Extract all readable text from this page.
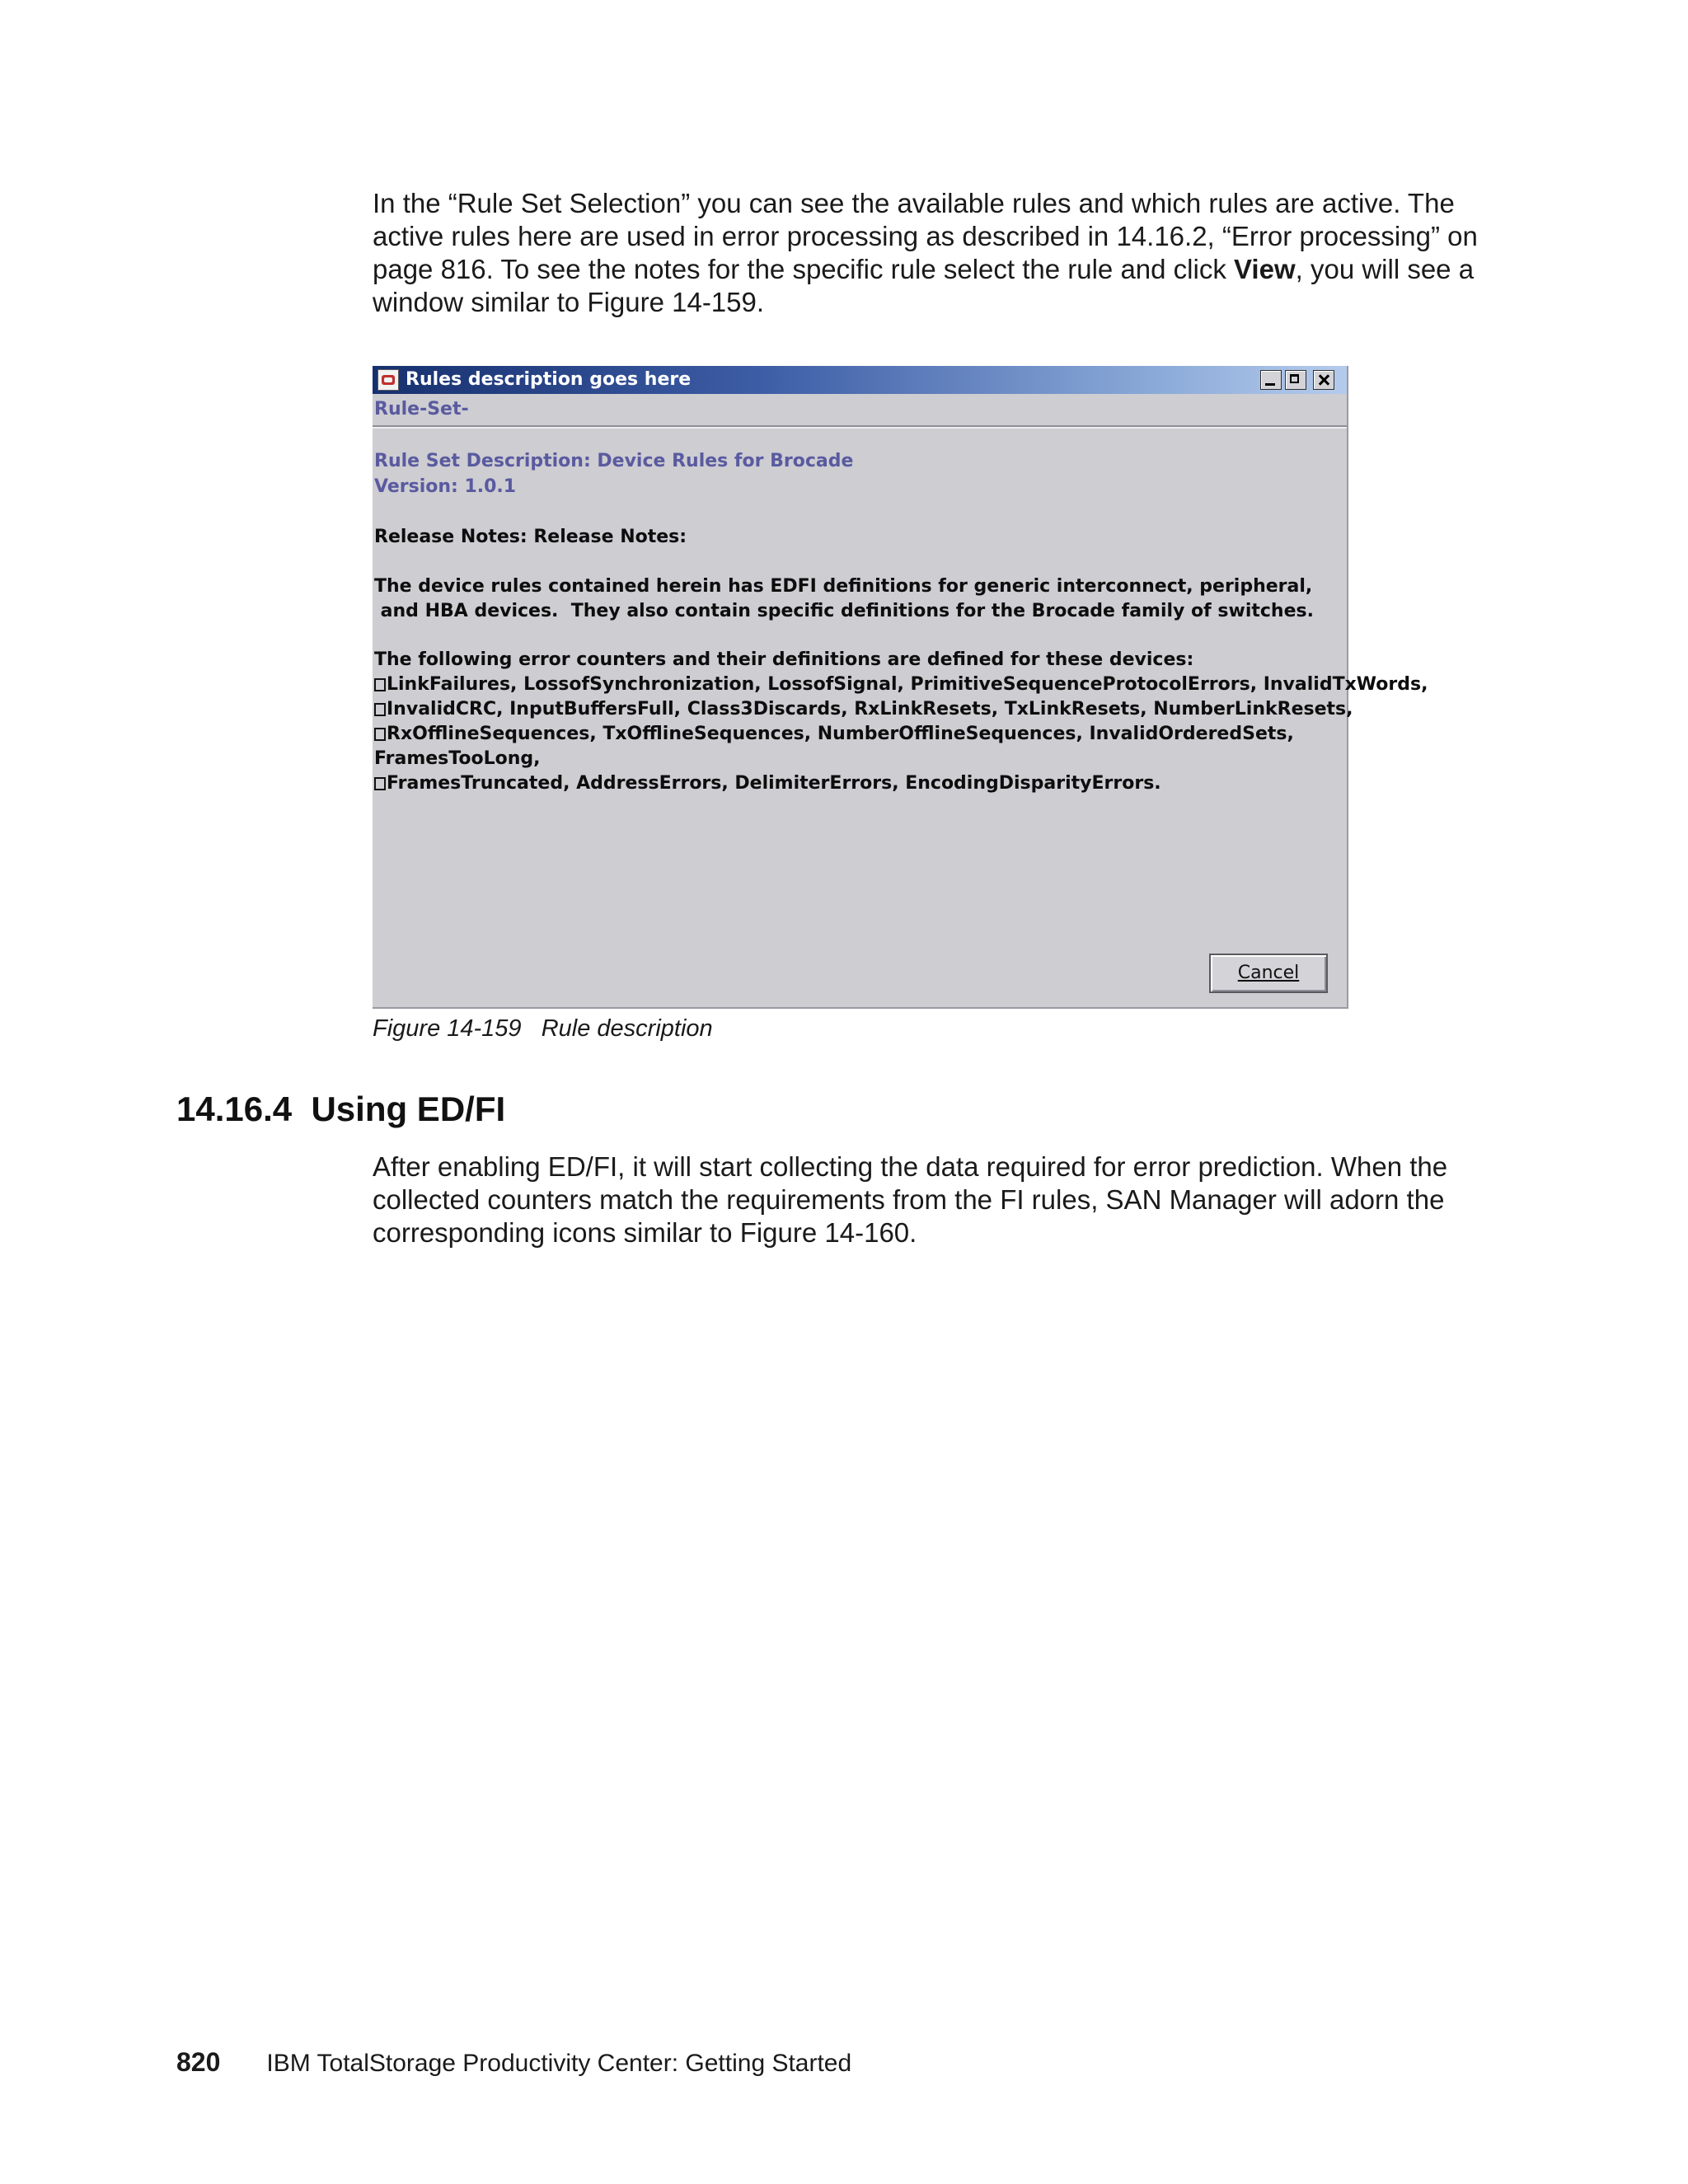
In the “Rule Set Selection” you can see the available rules and which rules are active. The active rules here are used in error processing as described in 14.16.2, “Error processing” on page 816. To see the notes for the specific rule select the rule and click View, you will see a window similar to Figure 14-159.

Rules description goes here
Rule-Set-
Rule Set Description: Device Rules for Brocade
Version: 1.0.1
Release Notes: Release Notes:
The device rules contained herein has EDFI definitions for generic interconnect, peripheral,
and HBA devices.  They also contain specific definitions for the Brocade family of switches.
The following error counters and their definitions are defined for these devices:
LinkFailures, LossofSynchronization, LossofSignal, PrimitiveSequenceProtocolErrors, InvalidTxWords,
InvalidCRC, InputBuffersFull, Class3Discards, RxLinkResets, TxLinkResets, NumberLinkResets,
RxOfflineSequences, TxOfflineSequences, NumberOfflineSequences, InvalidOrderedSets,
FramesTooLong,
FramesTruncated, AddressErrors, DelimiterErrors, EncodingDisparityErrors.
Cancel
Figure 14-159   Rule description
14.16.4  Using ED/FI

After enabling ED/FI, it will start collecting the data required for error prediction. When the collected counters match the requirements from the FI rules, SAN Manager will adorn the corresponding icons similar to Figure 14-160.

820 IBM TotalStorage Productivity Center: Getting Started
